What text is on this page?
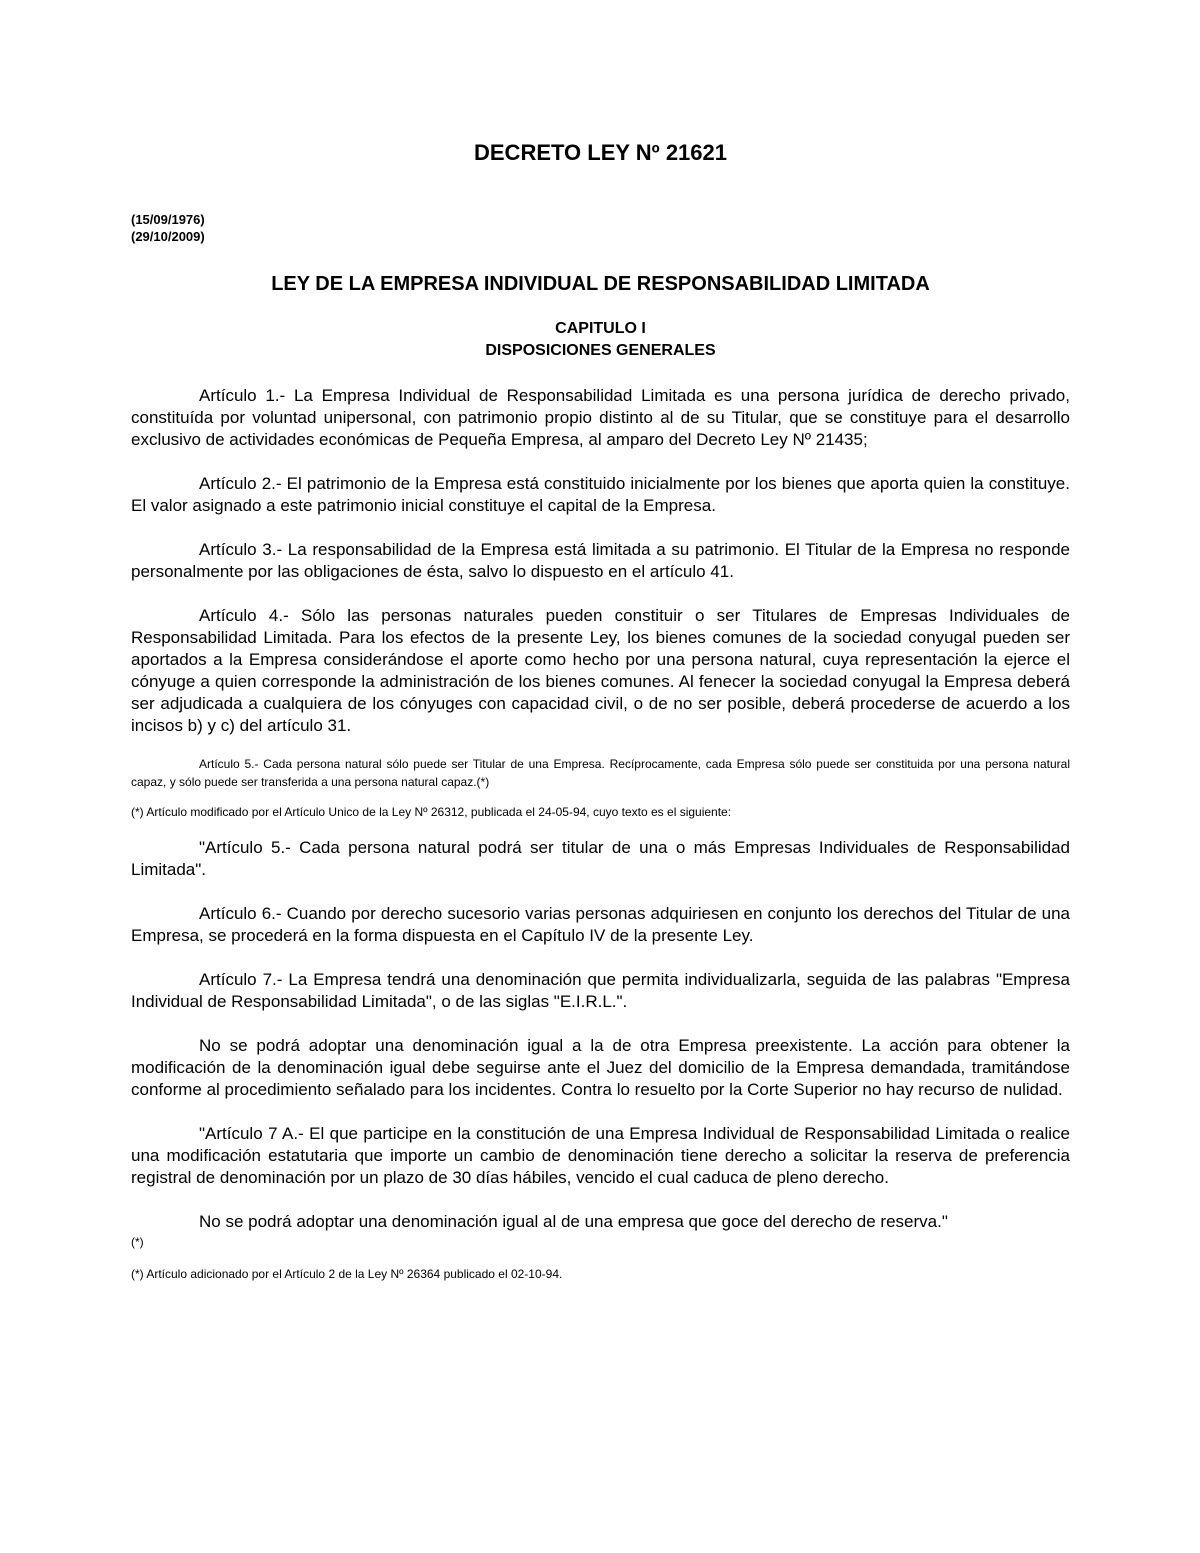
DECRETO LEY Nº 21621
(15/09/1976)
(29/10/2009)
LEY DE LA EMPRESA INDIVIDUAL DE RESPONSABILIDAD LIMITADA
CAPITULO I
DISPOSICIONES GENERALES

Artículo 1.- La Empresa Individual de Responsabilidad Limitada es una persona jurídica de derecho privado, constituída por voluntad unipersonal, con patrimonio propio distinto al de su Titular, que se constituye para el desarrollo exclusivo de actividades económicas de Pequeña Empresa, al amparo del Decreto Ley Nº 21435;

Artículo 2.- El patrimonio de la Empresa está constituido inicialmente por los bienes que aporta quien la constituye. El valor asignado a este patrimonio inicial constituye el capital de la Empresa.

Artículo 3.- La responsabilidad de la Empresa está limitada a su patrimonio. El Titular de la Empresa no responde personalmente por las obligaciones de ésta, salvo lo dispuesto en el artículo 41.

Artículo 4.- Sólo las personas naturales pueden constituir o ser Titulares de Empresas Individuales de Responsabilidad Limitada. Para los efectos de la presente Ley, los bienes comunes de la sociedad conyugal pueden ser aportados a la Empresa considerándose el aporte como hecho por una persona natural, cuya representación la ejerce el cónyuge a quien corresponde la administración de los bienes comunes. Al fenecer la sociedad conyugal la Empresa deberá ser adjudicada a cualquiera de los cónyuges con capacidad civil, o de no ser posible, deberá procederse de acuerdo a los incisos b) y c) del artículo 31.

Artículo 5.- Cada persona natural sólo puede ser Titular de una Empresa. Recíprocamente, cada Empresa sólo puede ser constituida por una persona natural capaz, y sólo puede ser transferida a una persona natural capaz.(*)

(*) Artículo modificado por el Artículo Unico de la Ley Nº 26312, publicada el 24-05-94, cuyo texto es el siguiente:

"Artículo 5.- Cada persona natural podrá ser titular de una o más Empresas Individuales de Responsabilidad Limitada".

Artículo 6.- Cuando por derecho sucesorio varias personas adquiriesen en conjunto los derechos del Titular de una Empresa, se procederá en la forma dispuesta en el Capítulo IV de la presente Ley.

Artículo 7.- La Empresa tendrá una denominación que permita individualizarla, seguida de las palabras "Empresa Individual de Responsabilidad Limitada", o de las siglas "E.I.R.L.".

No se podrá adoptar una denominación igual a la de otra Empresa preexistente. La acción para obtener la modificación de la denominación igual debe seguirse ante el Juez del domicilio de la Empresa demandada, tramitándose conforme al procedimiento señalado para los incidentes. Contra lo resuelto por la Corte Superior no hay recurso de nulidad.

"Artículo 7 A.- El que participe en la constitución de una Empresa Individual de Responsabilidad Limitada o realice una modificación estatutaria que importe un cambio de denominación tiene derecho a solicitar la reserva de preferencia registral de denominación por un plazo de 30 días hábiles, vencido el cual caduca de pleno derecho.

No se podrá adoptar una denominación igual al de una empresa que goce del derecho de reserva."

(*)

(*) Artículo adicionado por el Artículo 2 de la Ley Nº 26364 publicado el 02-10-94.
